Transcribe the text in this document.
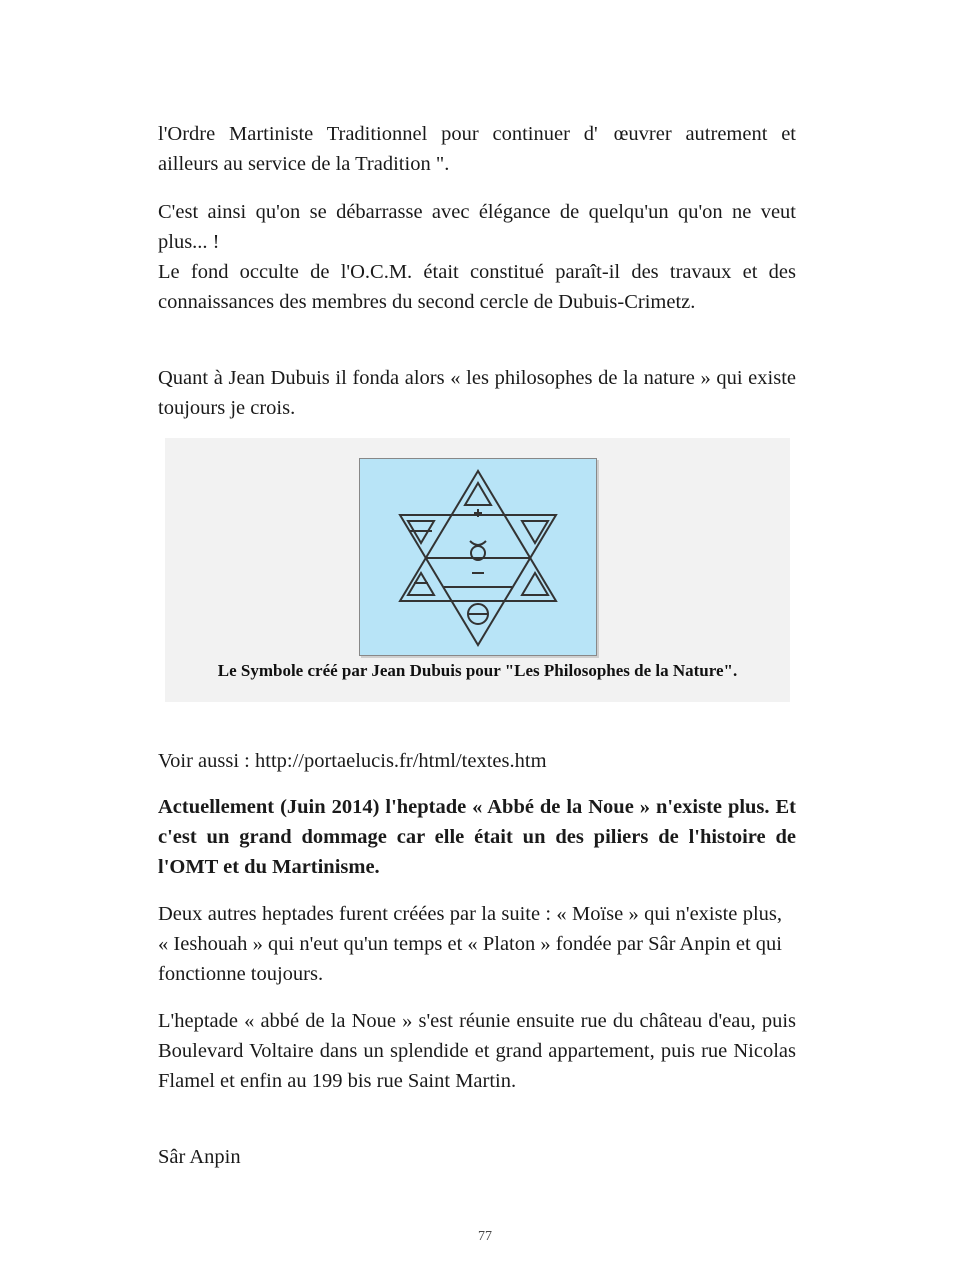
l'Ordre Martiniste Traditionnel pour continuer d' œuvrer autrement et ailleurs au service de la Tradition ".

C'est ainsi qu'on se débarrasse avec élégance de quelqu'un qu'on ne veut plus... !

Le fond occulte de l'O.C.M. était constitué paraît-il des travaux et des connaissances des membres du second cercle de Dubuis-Crimetz.

Quant à Jean Dubuis il fonda alors « les philosophes de la nature » qui existe toujours je crois.

Le Symbole créé par Jean Dubuis pour "Les Philosophes de la Nature".

Voir aussi : http://portaelucis.fr/html/textes.htm

Actuellement (Juin 2014) l'heptade « Abbé de la Noue » n'existe plus. Et c'est un grand dommage car elle était un des piliers de l'histoire de l'OMT et du Martinisme.

Deux autres heptades furent créées par la suite : « Moïse » qui n'existe plus, « Ieshouah » qui n'eut qu'un temps et « Platon » fondée par Sâr Anpin et qui fonctionne toujours.

L'heptade « abbé de la Noue » s'est réunie ensuite rue du château d'eau, puis Boulevard Voltaire dans un splendide et grand appartement, puis rue Nicolas Flamel et enfin au 199 bis rue Saint Martin.

Sâr Anpin

77
